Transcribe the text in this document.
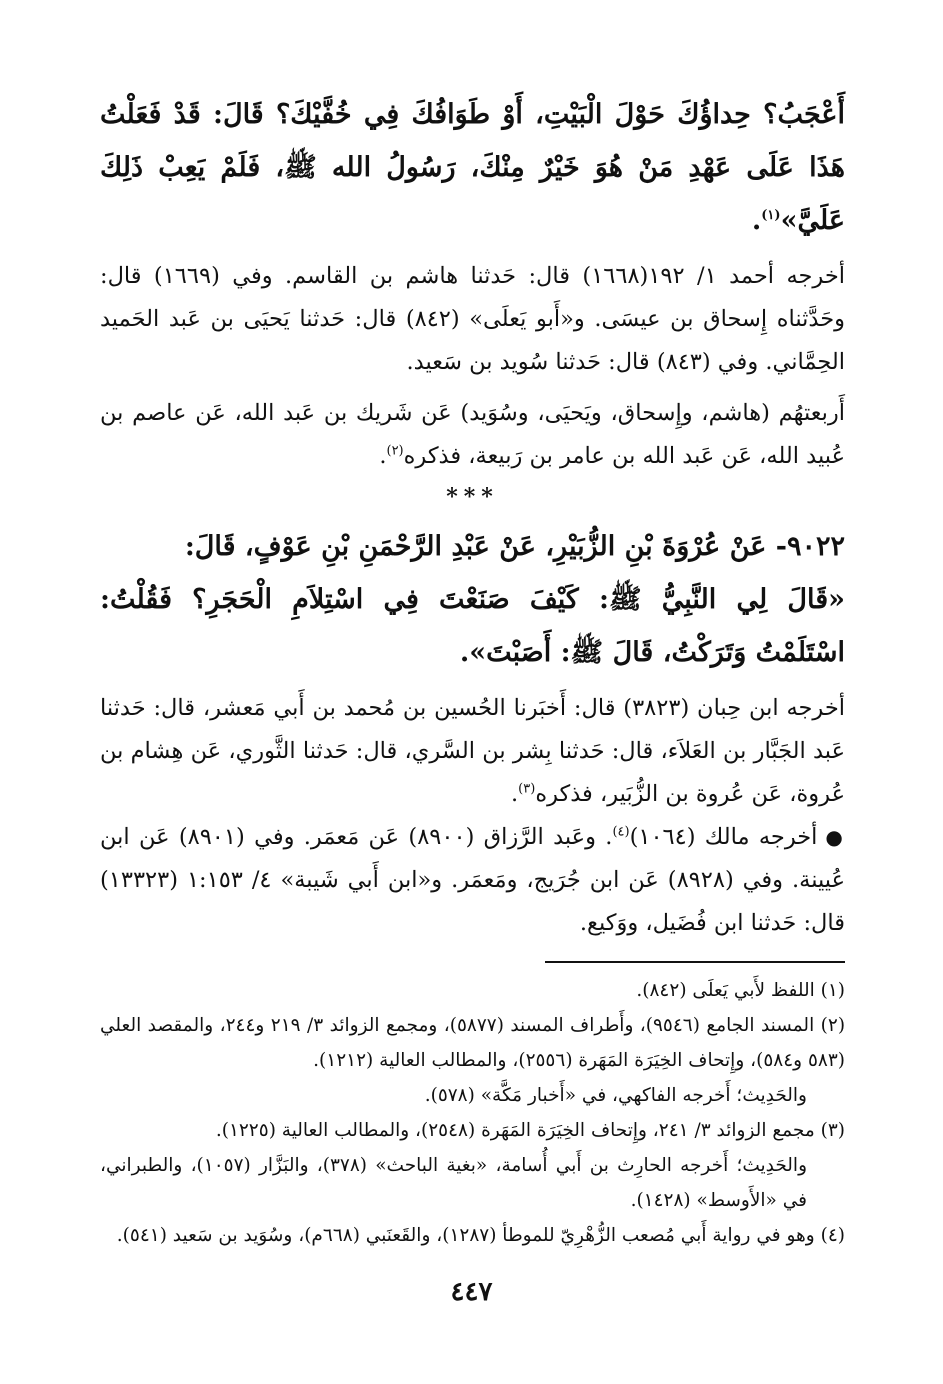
أَعْجَبُ؟ حِداؤُكَ حَوْلَ الْبَيْتِ، أَوْ طَوَافُكَ فِي خُفَّيْكَ؟ قَالَ: قَدْ فَعَلْتُ هَذَا عَلَى عَهْدِ مَنْ هُوَ خَيْرٌ مِنْكَ، رَسُولُ الله ﷺ، فَلَمْ يَعِبْ ذَلِكَ عَلَيَّ»$^{(١)}$.

أخرجه أحمد ١/ ١٩٢(١٦٦٨) قال: حَدثنا هاشم بن القاسم. وفي (١٦٦٩) قال: وحَدَّثناه إِسحاق بن عيسَى. و«أَبو يَعلَى» (٨٤٢) قال: حَدثنا يَحيَى بن عَبد الحَميد الحِمَّاني. وفي (٨٤٣) قال: حَدثنا سُويد بن سَعيد.

أَربعتهُم (هاشم، وإِسحاق، ويَحيَى، وسُوَيد) عَن شَريك بن عَبد الله، عَن عاصم بن عُبيد الله، عَن عَبد الله بن عامر بن رَبيعة، فذكره$^{(٢)}$.

***

٩٠٢٢- عَنْ عُرْوَةَ بْنِ الزُّبَيْرِ، عَنْ عَبْدِ الرَّحْمَنِ بْنِ عَوْفٍ، قَالَ:

«قَالَ لِي النَّبِيُّ ﷺ: كَيْفَ صَنَعْتَ فِي اسْتِلاَمِ الْحَجَرِ؟ فَقُلْتُ: اسْتَلَمْتُ وَتَرَكْتُ، قَالَ ﷺ: أَصَبْتَ».

أخرجه ابن حِبان (٣٨٢٣) قال: أَخبَرنا الحُسين بن مُحمد بن أَبي مَعشر، قال: حَدثنا عَبد الجَبَّار بن العَلاَء، قال: حَدثنا بِشر بن السَّري، قال: حَدثنا الثَّوري، عَن هِشام بن عُروة، عَن عُروة بن الزُّبَير، فذكره$^{(٣)}$.

●أخرجه مالك (١٠٦٤)$^{(٤)}$. وعَبد الرَّزاق (٨٩٠٠) عَن مَعمَر. وفي (٨٩٠١) عَن ابن عُيينة. وفي (٨٩٢٨) عَن ابن جُرَيج، ومَعمَر. و«ابن أَبي شَيبة» ٤/ ١:١٥٣ (١٣٣٢٣) قال: حَدثنا ابن فُضَيل، ووَكيع.

(١) اللفظ لأَبي يَعلَى (٨٤٢).

(٢) المسند الجامع (٩٥٤٦)، وأَطراف المسند (٥٨٧٧)، ومجمع الزوائد ٣/ ٢١٩ و٢٤٤، والمقصد العلي (٥٨٣ و٥٨٤)، وإِتحاف الخِيَرَة المَهَرة (٢٥٥٦)، والمطالب العالية (١٢١٢).
والحَدِيث؛ أَخرجه الفاكهي، في «أَخبار مَكَّة» (٥٧٨).

(٣) مجمع الزوائد ٣/ ٢٤١، وإِتحاف الخِيَرَة المَهَرة (٢٥٤٨)، والمطالب العالية (١٢٢٥).
والحَدِيث؛ أَخرجه الحارِث بن أَبي أُسامة، «بغية الباحث» (٣٧٨)، والبَزَّار (١٠٥٧)، والطبراني، في «الأَوسط» (١٤٢٨).

(٤) وهو في رواية أَبي مُصعب الزُّهْرِيّ للموطأ (١٢٨٧)، والقَعنَبي (٦٦٨م)، وسُوَيد بن سَعيد (٥٤١).

٤٤٧
